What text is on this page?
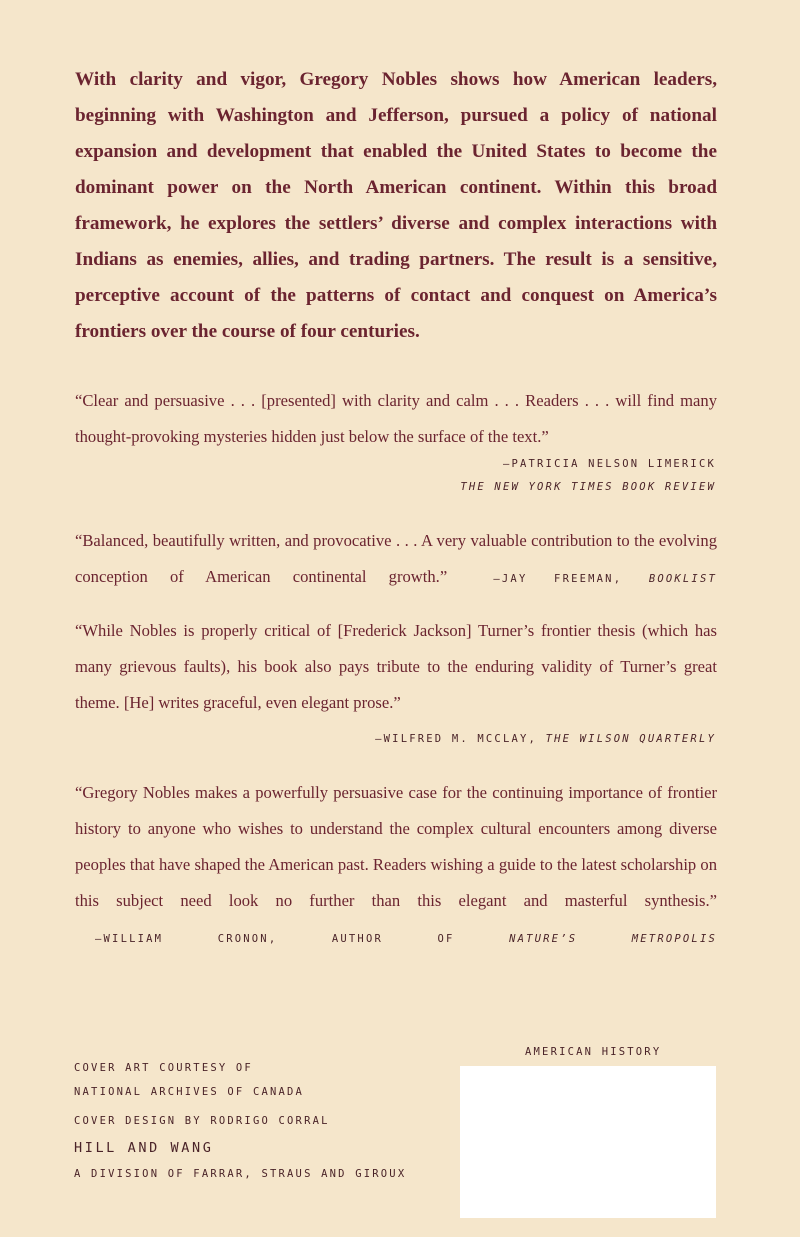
With clarity and vigor, Gregory Nobles shows how American leaders, beginning with Washington and Jefferson, pursued a policy of national expansion and development that enabled the United States to become the dominant power on the North American continent. Within this broad framework, he explores the settlers’ diverse and complex interactions with Indians as enemies, allies, and trading partners. The result is a sensitive, perceptive account of the patterns of contact and conquest on America’s frontiers over the course of four centuries.

“Clear and persuasive . . . [presented] with clarity and calm . . . Readers . . . will find many thought-provoking mysteries hidden just below the surface of the text.”

—PATRICIA NELSON LIMERICK
THE NEW YORK TIMES BOOK REVIEW

“Balanced, beautifully written, and provocative . . . A very valuable contribution to the evolving conception of American continental growth.”	—JAY FREEMAN, BOOKLIST

“While Nobles is properly critical of [Frederick Jackson] Turner’s frontier thesis (which has many grievous faults), his book also pays tribute to the enduring validity of Turner’s great theme. [He] writes graceful, even elegant prose.”

—WILFRED M. MCCLAY, THE WILSON QUARTERLY

“Gregory Nobles makes a powerfully persuasive case for the continuing importance of frontier history to anyone who wishes to understand the complex cultural encounters among diverse peoples that have shaped the American past. Readers wishing a guide to the latest scholarship on this subject need look no further than this elegant and masterful synthesis.” —WILLIAM CRONON, AUTHOR OF NATURE’S METROPOLIS

COVER ART COURTESY OF
NATIONAL ARCHIVES OF CANADA
COVER DESIGN BY RODRIGO CORRAL
HILL AND WANG
A DIVISION OF FARRAR, STRAUS AND GIROUX
AMERICAN HISTORY
